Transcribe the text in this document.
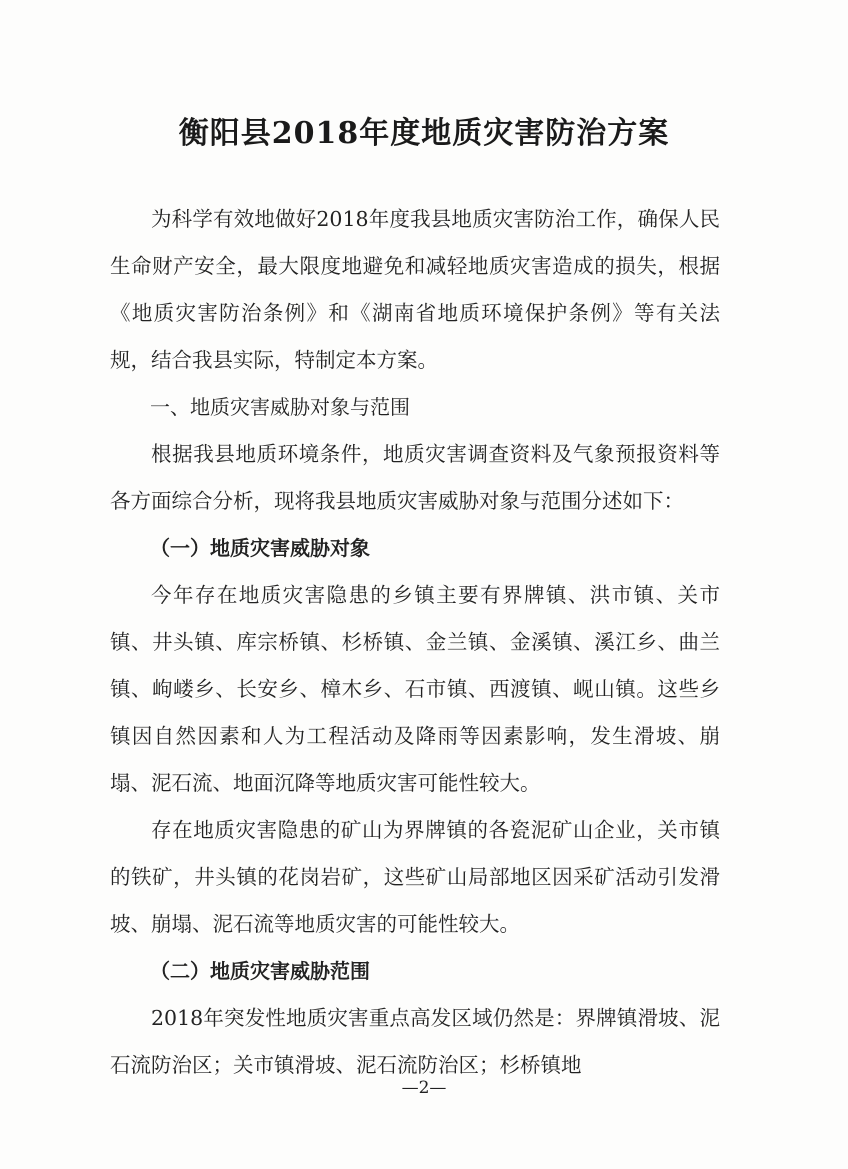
衡阳县2018年度地质灾害防治方案

为科学有效地做好2018年度我县地质灾害防治工作，确保人民生命财产安全，最大限度地避免和减轻地质灾害造成的损失，根据《地质灾害防治条例》和《湖南省地质环境保护条例》等有关法规，结合我县实际，特制定本方案。

一、地质灾害威胁对象与范围

根据我县地质环境条件，地质灾害调查资料及气象预报资料等各方面综合分析，现将我县地质灾害威胁对象与范围分述如下：

（一）地质灾害威胁对象

今年存在地质灾害隐患的乡镇主要有界牌镇、洪市镇、关市镇、井头镇、库宗桥镇、杉桥镇、金兰镇、金溪镇、溪江乡、曲兰镇、岣嵝乡、长安乡、樟木乡、石市镇、西渡镇、岘山镇。这些乡镇因自然因素和人为工程活动及降雨等因素影响，发生滑坡、崩塌、泥石流、地面沉降等地质灾害可能性较大。

存在地质灾害隐患的矿山为界牌镇的各瓷泥矿山企业，关市镇的铁矿，井头镇的花岗岩矿，这些矿山局部地区因采矿活动引发滑坡、崩塌、泥石流等地质灾害的可能性较大。

（二）地质灾害威胁范围

2018年突发性地质灾害重点高发区域仍然是：界牌镇滑坡、泥石流防治区；关市镇滑坡、泥石流防治区；杉桥镇地

—2—
